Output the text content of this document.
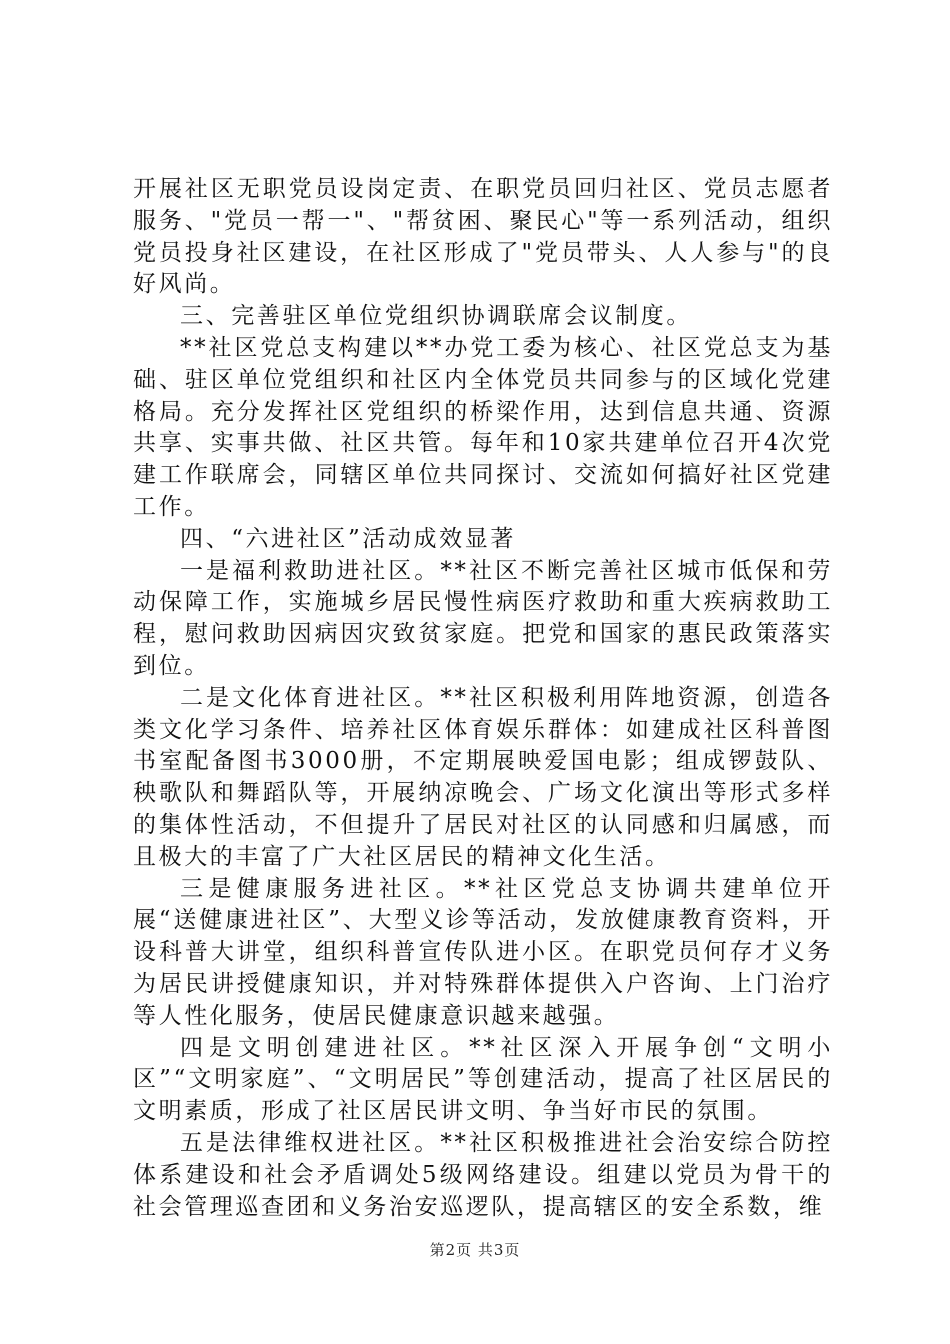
开展社区无职党员设岗定责、在职党员回归社区、党员志愿者服务、"党员一帮一"、"帮贫困、聚民心"等一系列活动，组织党员投身社区建设，在社区形成了"党员带头、人人参与"的良好风尚。

三、完善驻区单位党组织协调联席会议制度。

**社区党总支构建以**办党工委为核心、社区党总支为基础、驻区单位党组织和社区内全体党员共同参与的区域化党建格局。充分发挥社区党组织的桥梁作用，达到信息共通、资源共享、实事共做、社区共管。每年和10家共建单位召开4次党建工作联席会，同辖区单位共同探讨、交流如何搞好社区党建工作。

四、“六进社区”活动成效显著

一是福利救助进社区。**社区不断完善社区城市低保和劳动保障工作，实施城乡居民慢性病医疗救助和重大疾病救助工程，慰问救助因病因灾致贫家庭。把党和国家的惠民政策落实到位。

二是文化体育进社区。**社区积极利用阵地资源，创造各类文化学习条件、培养社区体育娱乐群体：如建成社区科普图书室配备图书3000册，不定期展映爱国电影；组成锣鼓队、秧歌队和舞蹈队等，开展纳凉晚会、广场文化演出等形式多样的集体性活动，不但提升了居民对社区的认同感和归属感，而且极大的丰富了广大社区居民的精神文化生活。

三是健康服务进社区。**社区党总支协调共建单位开展“送健康进社区”、大型义诊等活动，发放健康教育资料，开设科普大讲堂，组织科普宣传队进小区。在职党员何存才义务为居民讲授健康知识，并对特殊群体提供入户咨询、上门治疗等人性化服务，使居民健康意识越来越强。

四是文明创建进社区。**社区深入开展争创“文明小区”“文明家庭”、“文明居民”等创建活动，提高了社区居民的文明素质，形成了社区居民讲文明、争当好市民的氛围。

五是法律维权进社区。**社区积极推进社会治安综合防控体系建设和社会矛盾调处5级网络建设。组建以党员为骨干的社会管理巡查团和义务治安巡逻队，提高辖区的安全系数，维

第2页 共3页
